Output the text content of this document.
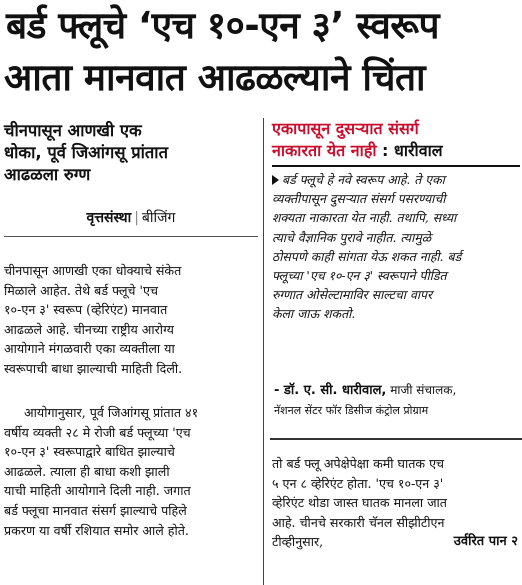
बर्ड फ्लूचे ‘एच १०-एन ३’ स्वरूप
आता मानवात आढळल्याने चिंता
चीनपासून आणखी एक
धोका, पूर्व जिआंगसू प्रांतात
आढळला रुग्ण
वृत्तसंस्था | बीजिंग
चीनपासून आणखी एका धोक्याचे संकेत
मिळाले आहेत. तेथे बर्ड फ्लूचे 'एच
१०-एन ३' स्वरूप (व्हेरिएंट) मानवात
आढळले आहे. चीनच्या राष्ट्रीय आरोग्य
आयोगाने मंगळवारी एका व्यक्तीला या
स्वरूपाची बाधा झाल्याची माहिती दिली.
आयोगानुसार, पूर्व जिआंगसू प्रांतात ४१
वर्षीय व्यक्ती २८ मे रोजी बर्ड फ्लूच्या 'एच
१०-एन ३' स्वरूपाद्वारे बाधित झाल्याचे
आढळले. त्याला ही बाधा कशी झाली
याची माहिती आयोगाने दिली नाही. जगात
बर्ड फ्लूचा मानवात संसर्ग झाल्याचे पहिले
प्रकरण या वर्षी रशियात समोर आले होते.
एकापासून दुसऱ्यात संसर्ग
नाकारता येत नाही : धारीवाल
बर्ड फ्लूचे हे नवे स्वरूप आहे. ते एका
व्यक्तीपासून दुसऱ्यात संसर्ग पसरण्याची
शक्यता नाकारता येत नाही. तथापि, सध्या
त्याचे वैज्ञानिक पुरावे नाहीत. त्यामुळे
ठोसपणे काही सांगता येऊ शकत नाही. बर्ड
फ्लूच्या 'एच १०-एन ३' स्वरूपाने पीडित
रुग्णात ओसेल्टामाविर साल्टचा वापर
केला जाऊ शकतो.
- डॉ. ए. सी. धारीवाल, माजी संचालक,
नॅशनल सेंटर फॉर डिसीज कंट्रोल प्रोग्राम
तो बर्ड फ्लू अपेक्षेपेक्षा कमी घातक एच
५ एन ८ व्हेरिएंट होता. 'एच १०-एन ३'
व्हेरिएंट थोडा जास्त घातक मानला जात
आहे. चीनचे सरकारी चॅनल सीझीटीएन
टीव्हीनुसार,	उर्वरित पान २
